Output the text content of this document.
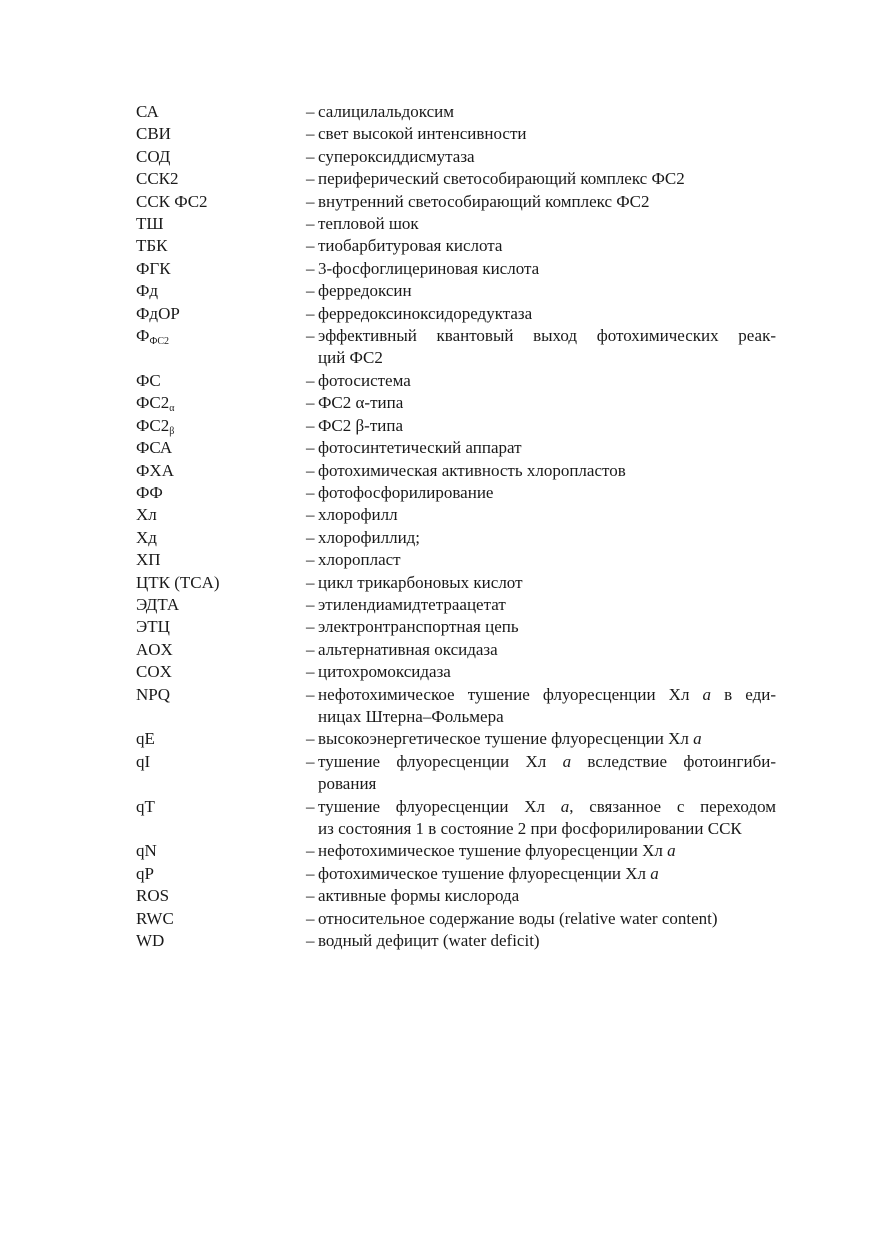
СА	– салицилальдоксим
СВИ	– свет высокой интенсивности
СОД	– супероксиддисмутаза
ССК2	– периферический светособирающий комплекс ФС2
ССК ФС2	– внутренний светособирающий комплекс ФС2
ТШ	– тепловой шок
ТБК	– тиобарбитуровая кислота
ФГК	– 3-фосфоглицериновая кислота
Фд	– ферредоксин
ФдОР	– ферредоксиноксидоредуктаза
$Ф_{ФС2}$	– эффективный квантовый выход фотохимических реак-
ций ФС2
ФС	– фотосистема
$ФС2_\alpha$	– ФС2 α-типа
$ФС2_\beta$	– ФС2 β-типа
ФСА	– фотосинтетический аппарат
ФХА	– фотохимическая активность хлоропластов
ФФ	– фотофосфорилирование
Хл	– хлорофилл
Хд	– хлорофиллид;
ХП	– хлоропласт
ЦТК (TCA)	– цикл трикарбоновых кислот
ЭДТА	– этилендиамидтетраацетат
ЭТЦ	– электронтранспортная цепь
AOX	– альтернативная оксидаза
COX	– цитохромоксидаза
NPQ	– нефотохимическое тушение флуоресценции Хл a в еди-
ницах Штерна–Фольмера
qE	– высокоэнергетическое тушение флуоресценции Хл a
qI	– тушение флуоресценции Хл a вследствие фотоингиби-
рования
qT	– тушение флуоресценции Хл a, связанное с переходом
из состояния 1 в состояние 2 при фосфорилировании ССК
qN	– нефотохимическое тушение флуоресценции Хл a
qP	– фотохимическое тушение флуоресценции Хл a
ROS	– активные формы кислорода
RWC	– относительное содержание воды (relative water content)
WD	– водный дефицит (water deficit)
